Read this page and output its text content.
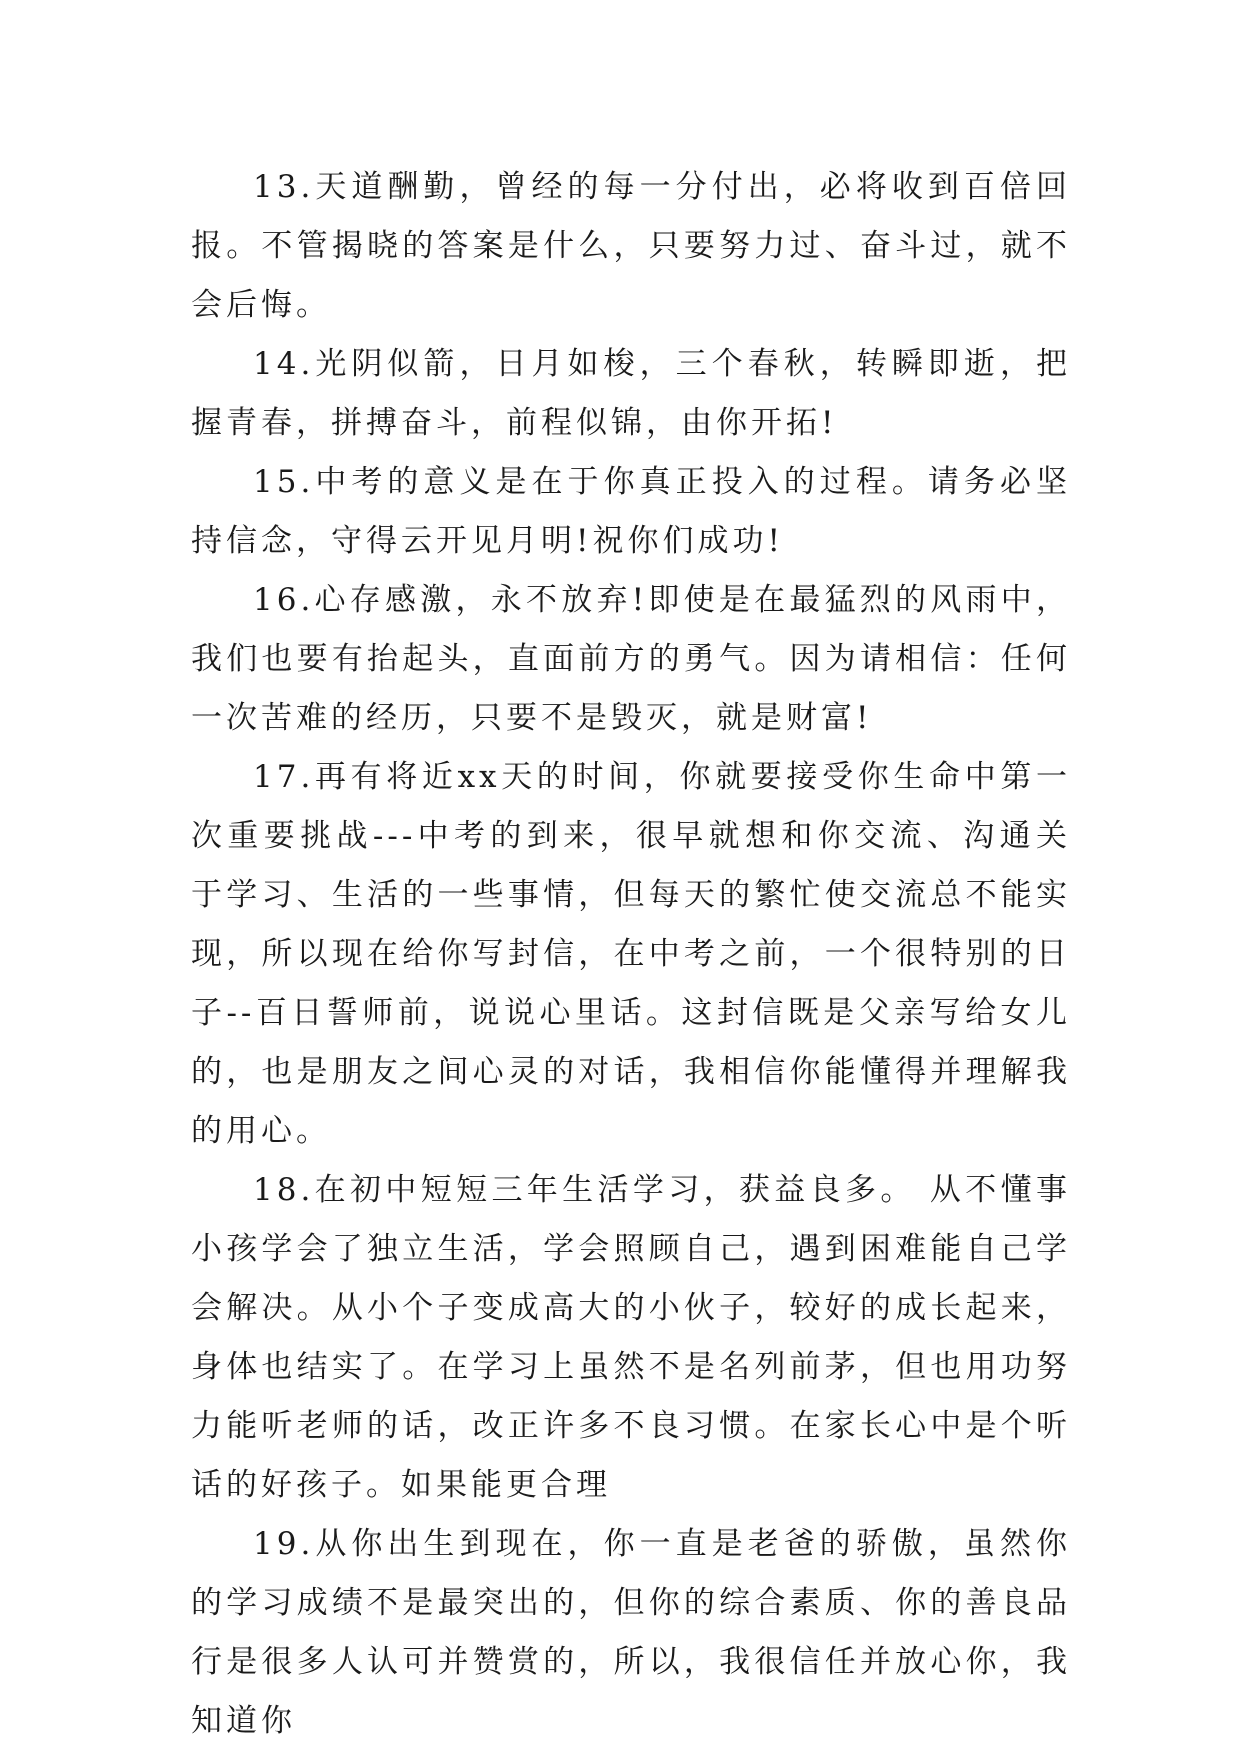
13.天道酬勤，曾经的每一分付出，必将收到百倍回报。不管揭晓的答案是什么，只要努力过、奋斗过，就不会后悔。

14.光阴似箭，日月如梭，三个春秋，转瞬即逝，把握青春，拼搏奋斗，前程似锦，由你开拓!

15.中考的意义是在于你真正投入的过程。请务必坚持信念，守得云开见月明!祝你们成功!

16.心存感激，永不放弃!即使是在最猛烈的风雨中，我们也要有抬起头，直面前方的勇气。因为请相信：任何一次苦难的经历，只要不是毁灭，就是财富!

17.再有将近xx天的时间，你就要接受你生命中第一次重要挑战---中考的到来，很早就想和你交流、沟通关于学习、生活的一些事情，但每天的繁忙使交流总不能实现，所以现在给你写封信，在中考之前，一个很特别的日子--百日誓师前，说说心里话。这封信既是父亲写给女儿的，也是朋友之间心灵的对话，我相信你能懂得并理解我的用心。

18.在初中短短三年生活学习，获益良多。 从不懂事小孩学会了独立生活，学会照顾自己，遇到困难能自己学会解决。从小个子变成高大的小伙子，较好的成长起来，身体也结实了。在学习上虽然不是名列前茅，但也用功努力能听老师的话，改正许多不良习惯。在家长心中是个听话的好孩子。如果能更合理

19.从你出生到现在，你一直是老爸的骄傲，虽然你的学习成绩不是最突出的，但你的综合素质、你的善良品行是很多人认可并赞赏的，所以，我很信任并放心你，我知道你
